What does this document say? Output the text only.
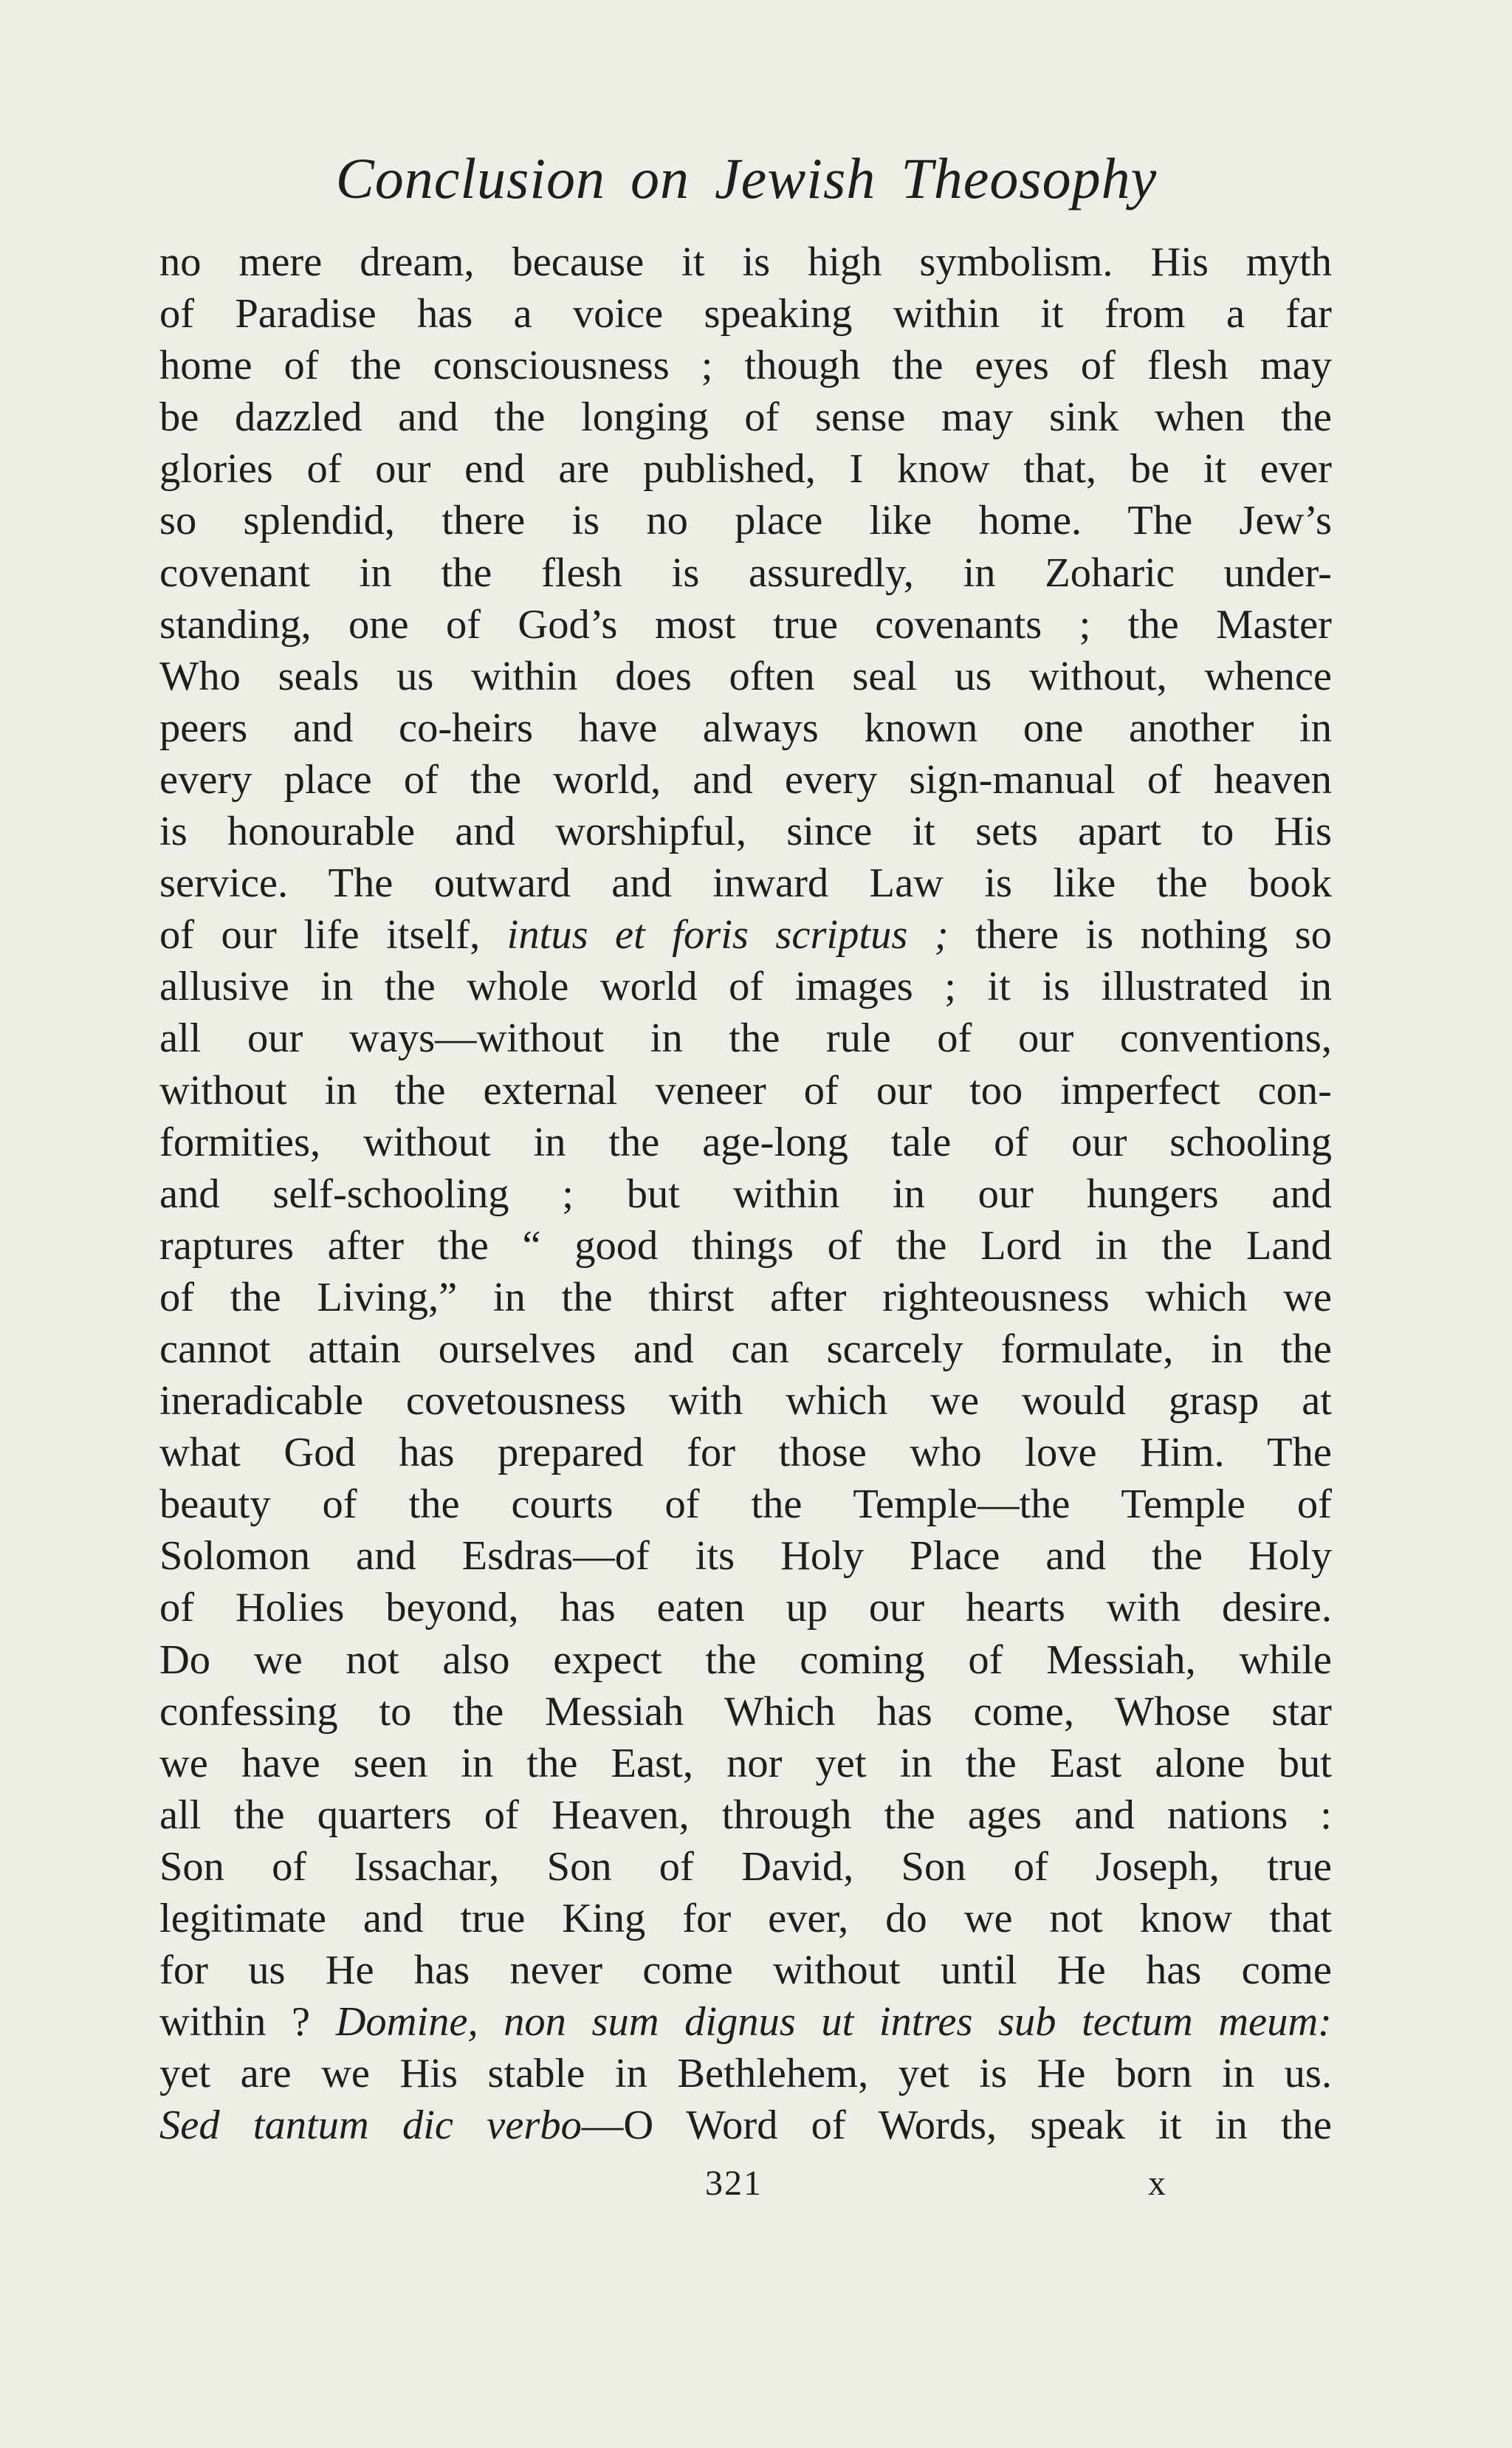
Conclusion on Jewish Theosophy
no mere dream, because it is high symbolism. His myth
of Paradise has a voice speaking within it from a far
home of the consciousness ; though the eyes of flesh may
be dazzled and the longing of sense may sink when the
glories of our end are published, I know that, be it ever
so splendid, there is no place like home. The Jew’s
covenant in the flesh is assuredly, in Zoharic under-
standing, one of God’s most true covenants ; the Master
Who seals us within does often seal us without, whence
peers and co-heirs have always known one another in
every place of the world, and every sign-manual of heaven
is honourable and worshipful, since it sets apart to His
service. The outward and inward Law is like the book
of our life itself, intus et foris scriptus ; there is nothing so
allusive in the whole world of images ; it is illustrated in
all our ways—without in the rule of our conventions,
without in the external veneer of our too imperfect con-
formities, without in the age-long tale of our schooling
and self-schooling ; but within in our hungers and
raptures after the “ good things of the Lord in the Land
of the Living,” in the thirst after righteousness which we
cannot attain ourselves and can scarcely formulate, in the
ineradicable covetousness with which we would grasp at
what God has prepared for those who love Him. The
beauty of the courts of the Temple—the Temple of
Solomon and Esdras—of its Holy Place and the Holy
of Holies beyond, has eaten up our hearts with desire.
Do we not also expect the coming of Messiah, while
confessing to the Messiah Which has come, Whose star
we have seen in the East, nor yet in the East alone but
all the quarters of Heaven, through the ages and nations :
Son of Issachar, Son of David, Son of Joseph, true
legitimate and true King for ever, do we not know that
for us He has never come without until He has come
within ? Domine, non sum dignus ut intres sub tectum meum:
yet are we His stable in Bethlehem, yet is He born in us.
Sed tantum dic verbo—O Word of Words, speak it in the
321	x
